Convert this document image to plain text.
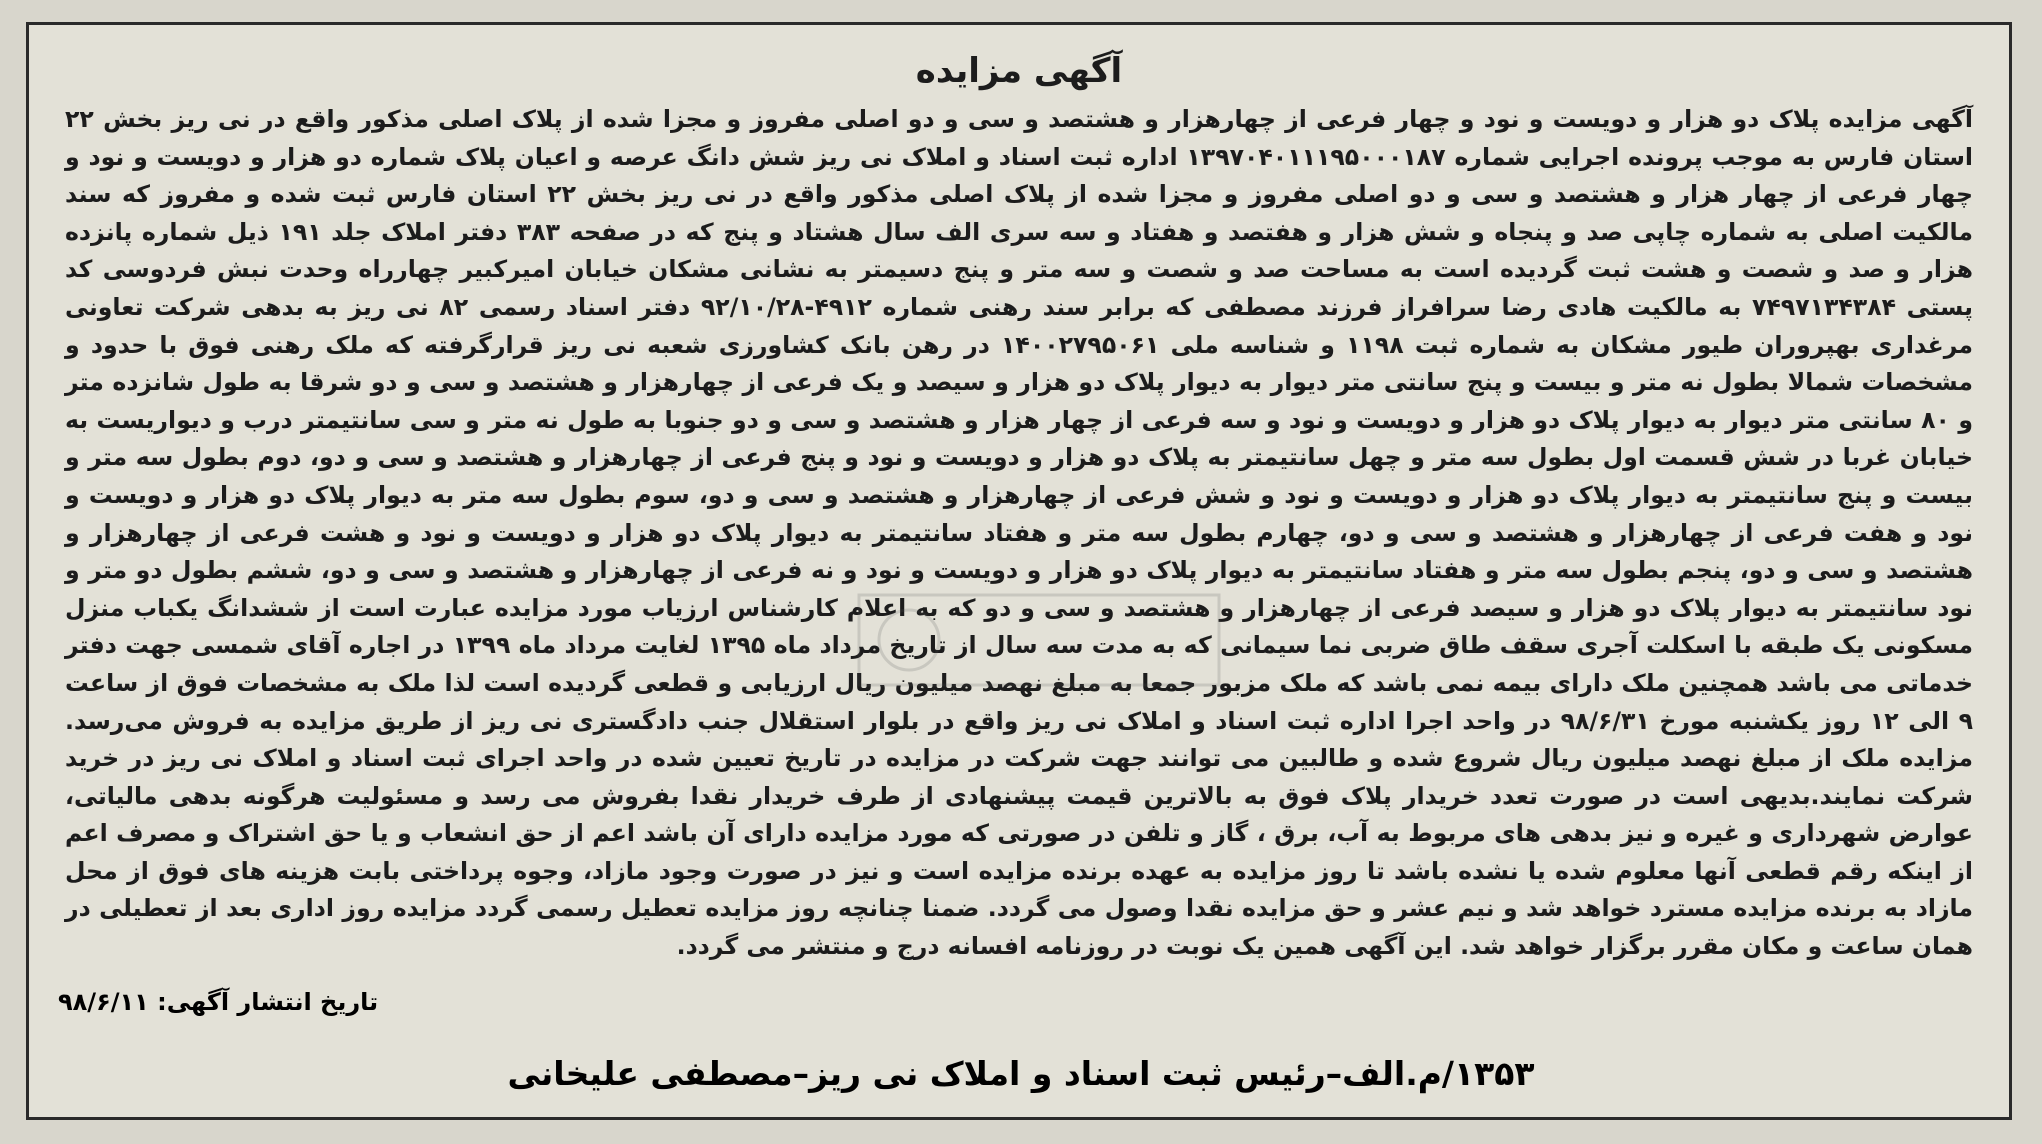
آگهی مزایده
آگهی مزایده پلاک دو هزار و دویست و نود و چهار فرعی از چهارهزار و هشتصد و سی و دو اصلی مفروز و مجزا شده از پلاک اصلی مذکور واقع در نی ریز بخش ۲۲ استان فارس به موجب پرونده اجرایی شماره ۱۳۹۷۰۴۰۱۱۱۹۵۰۰۰۱۸۷ اداره ثبت اسناد و املاک نی ریز شش دانگ عرصه و اعیان پلاک شماره دو هزار و دویست و نود و چهار فرعی از چهار هزار و هشتصد و سی و دو اصلی مفروز و مجزا شده از پلاک اصلی مذکور واقع در نی ریز بخش ۲۲ استان فارس ثبت شده و مفروز که سند مالکیت اصلی به شماره چاپی صد و پنجاه و شش هزار و هفتصد و هفتاد و سه سری الف سال هشتاد و پنج که در صفحه ۳۸۳ دفتر املاک جلد ۱۹۱ ذیل شماره پانزده هزار و صد و شصت و هشت ثبت گردیده است به مساحت صد و شصت و سه متر و پنج دسیمتر به نشانی مشکان خیابان امیرکبیر چهارراه وحدت نبش فردوسی کد پستی ۷۴۹۷۱۳۴۳۸۴ به مالکیت هادی رضا سرافراز فرزند مصطفی که برابر سند رهنی شماره ۴۹۱۲-۹۲/۱۰/۲۸ دفتر اسناد رسمی ۸۲ نی ریز به بدهی شرکت تعاونی مرغداری بهپروران طیور مشکان به شماره ثبت ۱۱۹۸ و شناسه ملی ۱۴۰۰۲۷۹۵۰۶۱ در رهن بانک کشاورزی شعبه نی ریز قرارگرفته که ملک رهنی فوق با حدود و مشخصات شمالا بطول نه متر و بیست و پنج سانتی متر دیوار به دیوار پلاک دو هزار و سیصد و یک فرعی از چهارهزار و هشتصد و سی و دو شرقا به طول شانزده متر و ۸۰ سانتی متر دیوار به دیوار پلاک دو هزار و دویست و نود و سه فرعی از چهار هزار و هشتصد و سی و دو جنوبا به طول نه متر و سی سانتیمتر درب و دیواریست به خیابان غربا در شش قسمت اول بطول سه متر و چهل سانتیمتر به پلاک دو هزار و دویست و نود و پنج فرعی از چهارهزار و هشتصد و سی و دو، دوم بطول سه متر و بیست و پنج سانتیمتر به دیوار پلاک دو هزار و دویست و نود و شش فرعی از چهارهزار و هشتصد و سی و دو، سوم بطول سه متر به دیوار پلاک دو هزار و دویست و نود و هفت فرعی از چهارهزار و هشتصد و سی و دو، چهارم بطول سه متر و هفتاد سانتیمتر به دیوار پلاک دو هزار و دویست و نود و هشت فرعی از چهارهزار و هشتصد و سی و دو، پنجم بطول سه متر و هفتاد سانتیمتر به دیوار پلاک دو هزار و دویست و نود و نه فرعی از چهارهزار و هشتصد و سی و دو، ششم بطول دو متر و نود سانتیمتر به دیوار پلاک دو هزار و سیصد فرعی از چهارهزار و هشتصد و سی و دو که به اعلام کارشناس ارزیاب مورد مزایده عبارت است از ششدانگ یکباب منزل مسکونی یک طبقه با اسکلت آجری سقف طاق ضربی نما سیمانی که به مدت سه سال از تاریخ مرداد ماه ۱۳۹۵ لغایت مرداد ماه ۱۳۹۹ در اجاره آقای شمسی جهت دفتر خدماتی می باشد همچنین ملک دارای بیمه نمی باشد که ملک مزبور جمعا به مبلغ نهصد میلیون ریال ارزیابی و قطعی گردیده است لذا ملک به مشخصات فوق از ساعت ۹ الی ۱۲ روز یکشنبه مورخ ۹۸/۶/۳۱ در واحد اجرا اداره ثبت اسناد و املاک نی ریز واقع در بلوار استقلال جنب دادگستری نی ریز از طریق مزایده به فروش می‌رسد. مزایده ملک از مبلغ نهصد میلیون ریال شروع شده و طالبین می توانند جهت شرکت در مزایده در تاریخ تعیین شده در واحد اجرای ثبت اسناد و املاک نی ریز در خرید شرکت نمایند.بدیهی است در صورت تعدد خریدار پلاک فوق به بالاترین قیمت پیشنهادی از طرف خریدار نقدا بفروش می رسد و مسئولیت هرگونه بدهی مالیاتی، عوارض شهرداری و غیره و نیز بدهی های مربوط به آب، برق ، گاز و تلفن در صورتی که مورد مزایده دارای آن باشد اعم از حق انشعاب و یا حق اشتراک و مصرف اعم از اینکه رقم قطعی آنها معلوم شده یا نشده باشد تا روز مزایده به عهده برنده مزایده است و نیز در صورت وجود مازاد، وجوه پرداختی بابت هزینه های فوق از محل مازاد به برنده مزایده مسترد خواهد شد و نیم عشر و حق مزایده نقدا وصول می گردد. ضمنا چنانچه روز مزایده تعطیل رسمی گردد مزایده روز اداری بعد از تعطیلی در همان ساعت و مکان مقرر برگزار خواهد شد. این آگهی همین یک نوبت در روزنامه افسانه درج و منتشر می گردد.
تاریخ انتشار آگهی: ۹۸/۶/۱۱
۱۳۵۳/م.الف–رئیس ثبت اسناد و املاک نی ریز–مصطفی علیخانی
